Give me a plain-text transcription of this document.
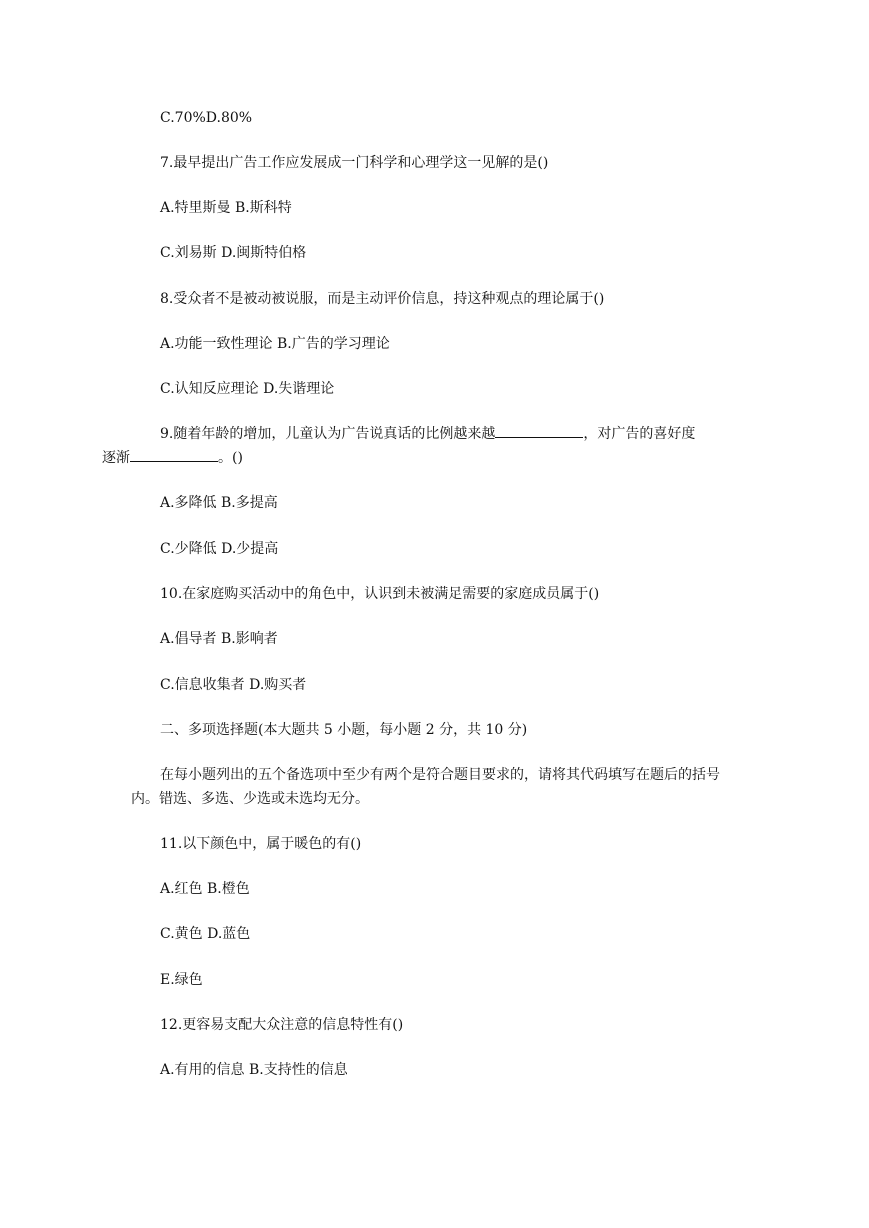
C.70%D.80%
7.最早提出广告工作应发展成一门科学和心理学这一见解的是()
A.特里斯曼 B.斯科特
C.刘易斯 D.闽斯特伯格
8.受众者不是被动被说服，而是主动评价信息，持这种观点的理论属于()
A.功能一致性理论 B.广告的学习理论
C.认知反应理论 D.失谐理论
9.随着年龄的增加，儿童认为广告说真话的比例越来越	，对广告的喜好度
逐渐	。()
A.多降低 B.多提高
C.少降低 D.少提高
10.在家庭购买活动中的角色中，认识到未被满足需要的家庭成员属于()
A.倡导者 B.影响者
C.信息收集者 D.购买者
二、多项选择题(本大题共 5 小题，每小题 2 分，共 10 分)
在每小题列出的五个备选项中至少有两个是符合题目要求的，请将其代码填写在题后的括号内。错选、多选、少选或未选均无分。
11.以下颜色中，属于暖色的有()
A.红色 B.橙色
C.黄色 D.蓝色
E.绿色
12.更容易支配大众注意的信息特性有()
A.有用的信息 B.支持性的信息
